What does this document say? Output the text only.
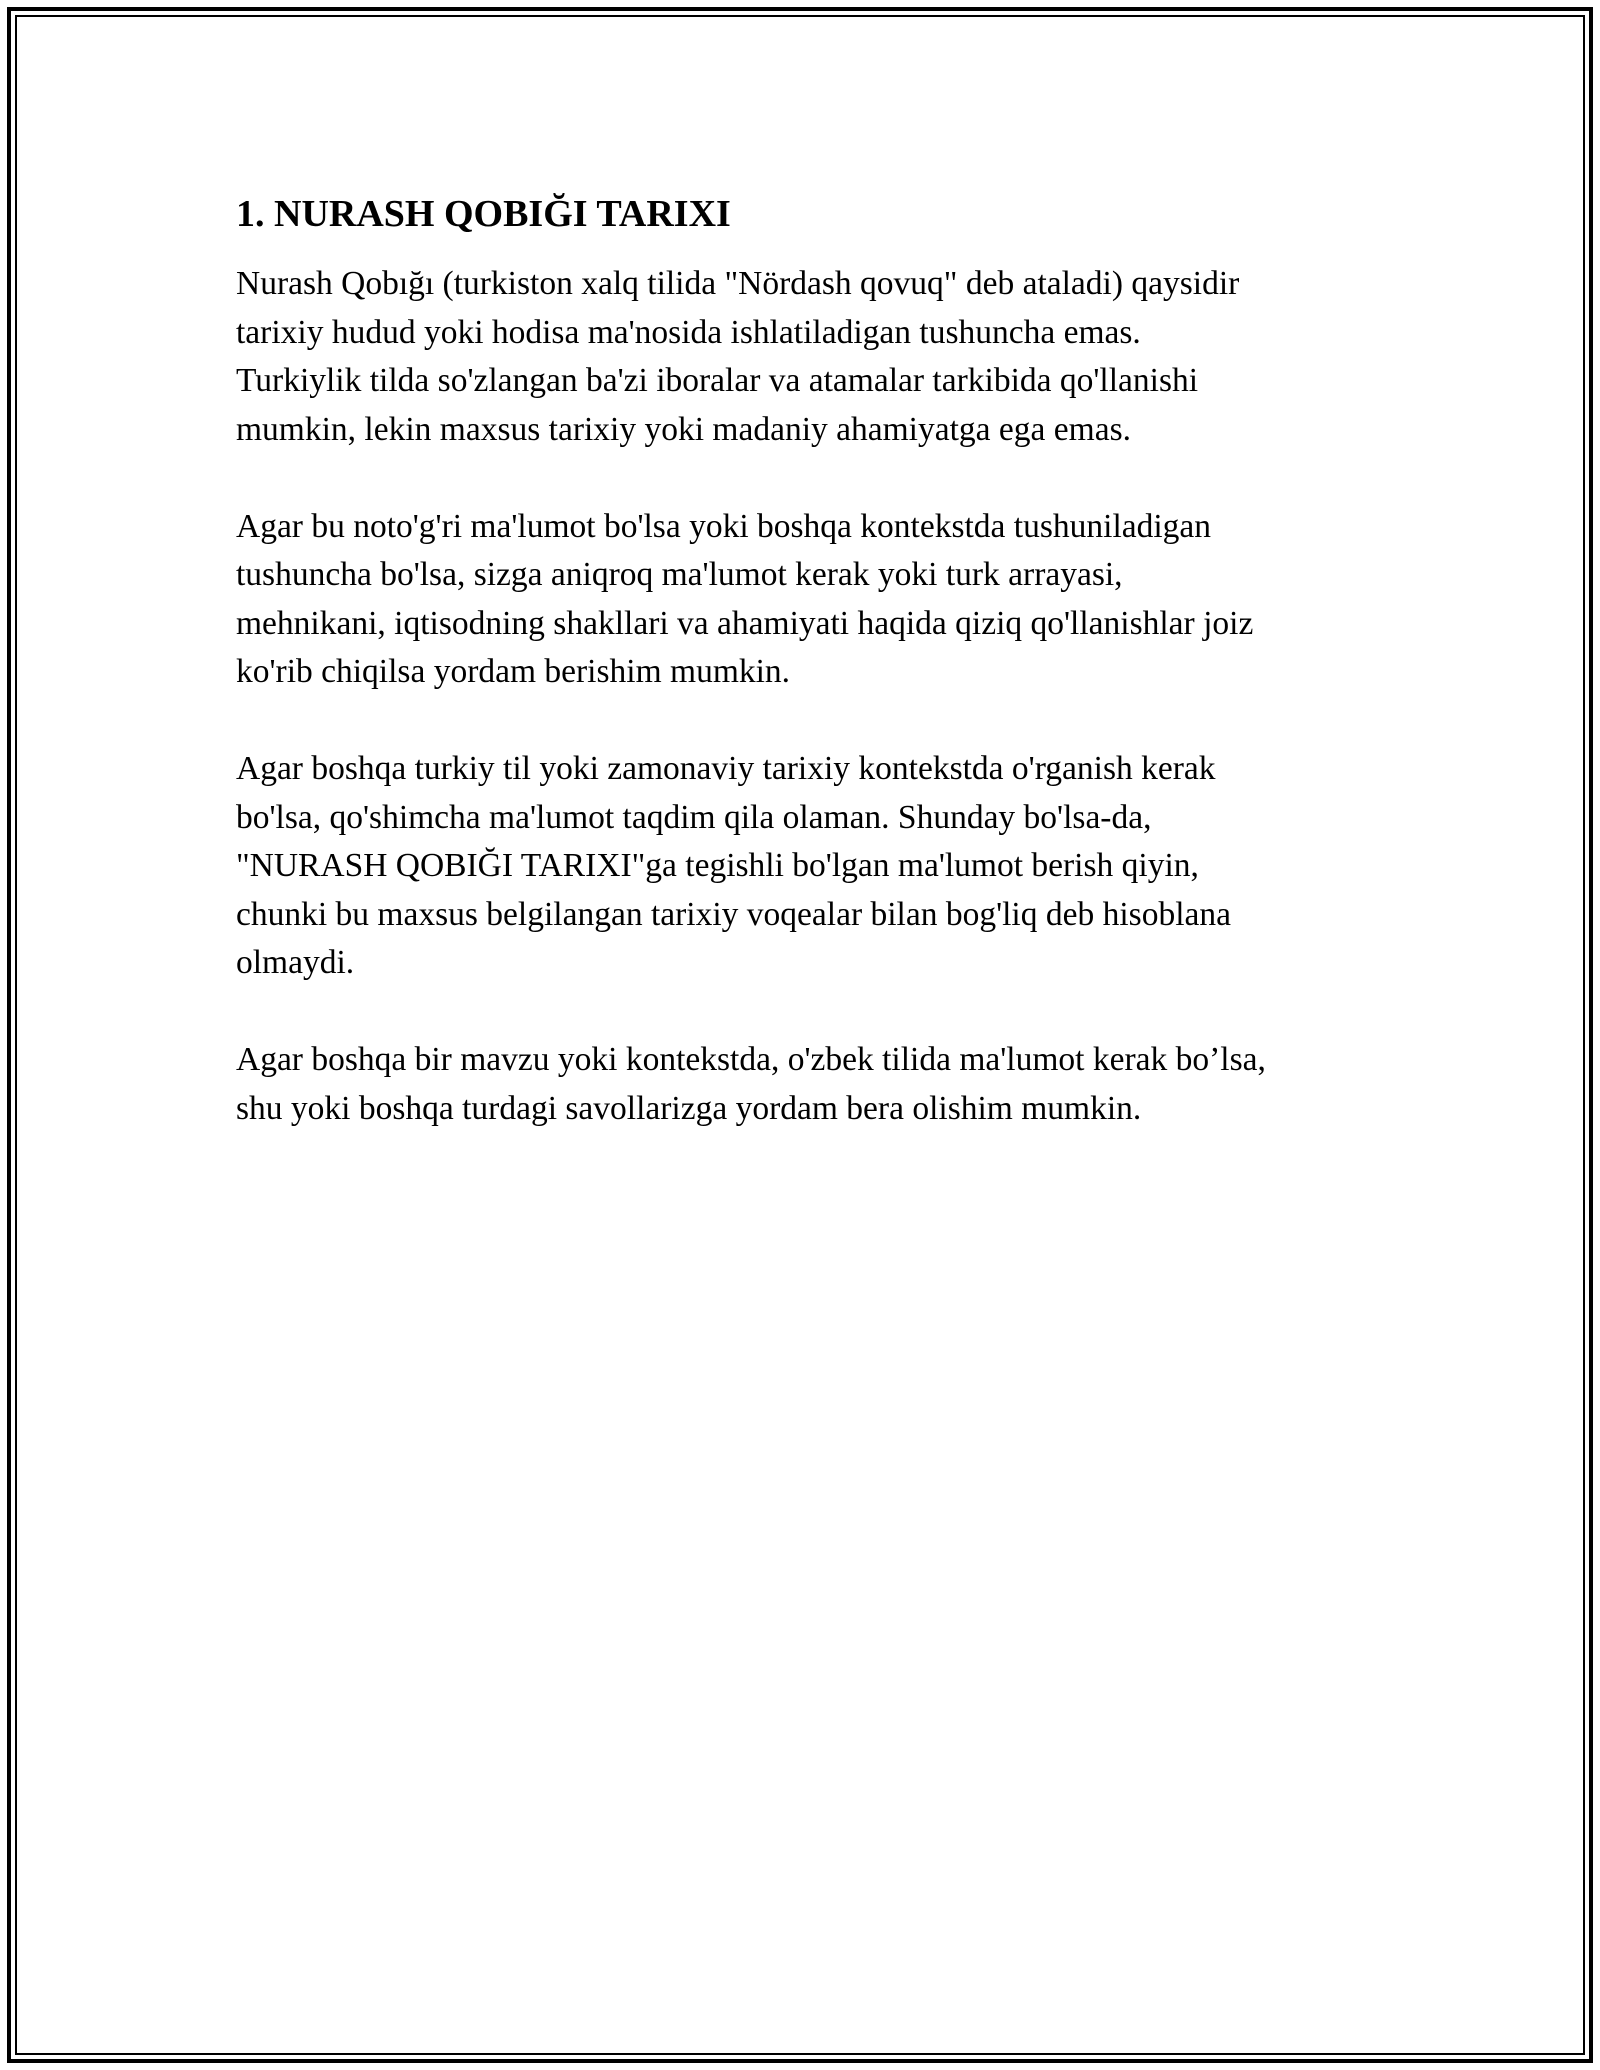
1. NURASH QOBIĞI TARIXI

Nurash Qobığı (turkiston xalq tilida "Nördash qovuq" deb ataladi) qaysidir
tarixiy hudud yoki hodisa ma'nosida ishlatiladigan tushuncha emas.
Turkiylik tilda so'zlangan ba'zi iboralar va atamalar tarkibida qo'llanishi
mumkin, lekin maxsus tarixiy yoki madaniy ahamiyatga ega emas.

Agar bu noto'g'ri ma'lumot bo'lsa yoki boshqa kontekstda tushuniladigan
tushuncha bo'lsa, sizga aniqroq ma'lumot kerak yoki turk arrayasi,
mehnikani, iqtisodning shakllari va ahamiyati haqida qiziq qo'llanishlar joiz
ko'rib chiqilsa yordam berishim mumkin.

Agar boshqa turkiy til yoki zamonaviy tarixiy kontekstda o'rganish kerak
bo'lsa, qo'shimcha ma'lumot taqdim qila olaman. Shunday bo'lsa-da,
"NURASH QOBIĞI TARIXI"ga tegishli bo'lgan ma'lumot berish qiyin,
chunki bu maxsus belgilangan tarixiy voqealar bilan bog'liq deb hisoblana
olmaydi.

Agar boshqa bir mavzu yoki kontekstda, o'zbek tilida ma'lumot kerak bo’lsa,
shu yoki boshqa turdagi savollarizga yordam bera olishim mumkin.
